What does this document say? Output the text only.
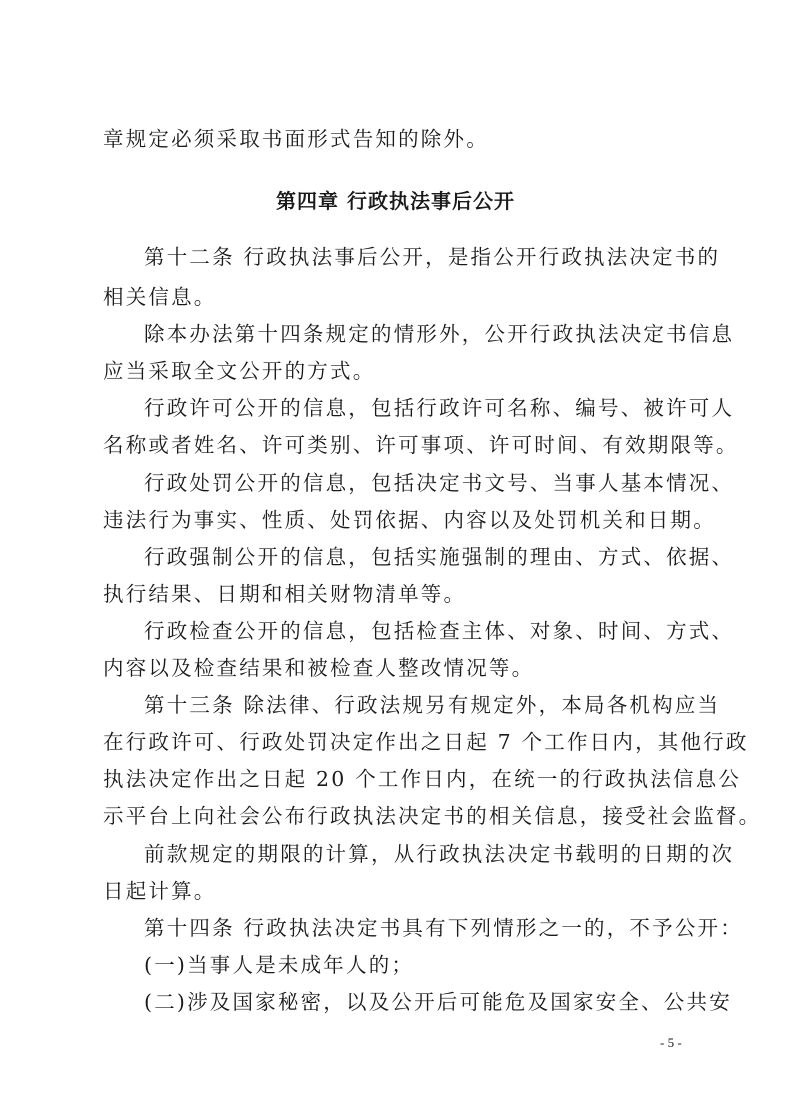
章规定必须采取书面形式告知的除外。
第四章 行政执法事后公开
第十二条 行政执法事后公开，是指公开行政执法决定书的
相关信息。
除本办法第十四条规定的情形外，公开行政执法决定书信息
应当采取全文公开的方式。
行政许可公开的信息，包括行政许可名称、编号、被许可人
名称或者姓名、许可类别、许可事项、许可时间、有效期限等。
行政处罚公开的信息，包括决定书文号、当事人基本情况、
违法行为事实、性质、处罚依据、内容以及处罚机关和日期。
行政强制公开的信息，包括实施强制的理由、方式、依据、
执行结果、日期和相关财物清单等。
行政检查公开的信息，包括检查主体、对象、时间、方式、
内容以及检查结果和被检查人整改情况等。
第十三条 除法律、行政法规另有规定外，本局各机构应当
在行政许可、行政处罚决定作出之日起 7 个工作日内，其他行政
执法决定作出之日起 20 个工作日内，在统一的行政执法信息公
示平台上向社会公布行政执法决定书的相关信息，接受社会监督。
前款规定的期限的计算，从行政执法决定书载明的日期的次
日起计算。
第十四条 行政执法决定书具有下列情形之一的，不予公开：
(一)当事人是未成年人的；
(二)涉及国家秘密，以及公开后可能危及国家安全、公共安
- 5 -
